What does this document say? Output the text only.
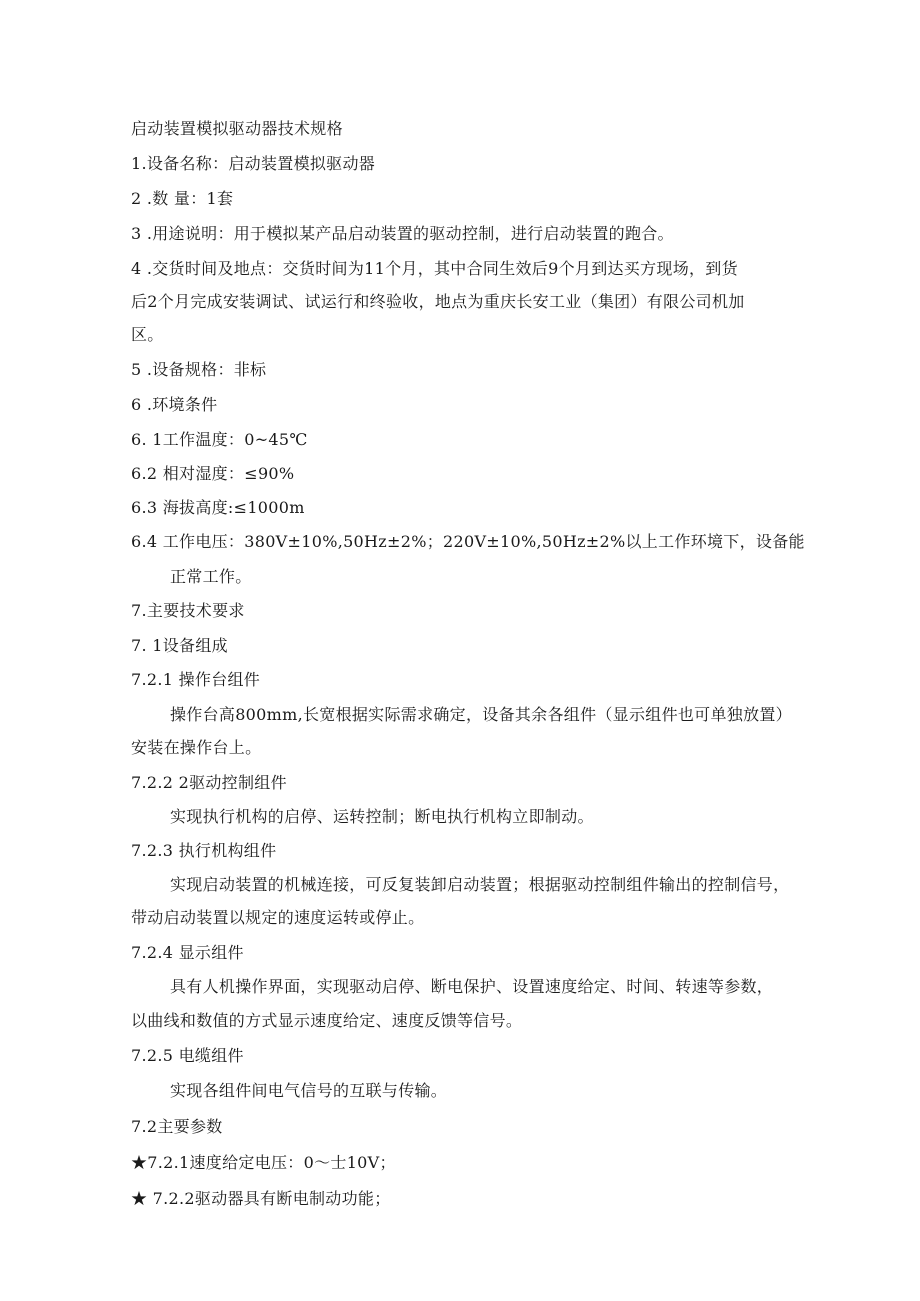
启动装置模拟驱动器技术规格
1.设备名称：启动装置模拟驱动器
2 .数 量：1套
3 .用途说明：用于模拟某产品启动装置的驱动控制，进行启动装置的跑合。
4 .交货时间及地点：交货时间为11个月，其中合同生效后9个月到达买方现场，到货
后2个月完成安装调试、试运行和终验收，地点为重庆长安工业（集团）有限公司机加
区。
5 .设备规格：非标
6 .环境条件
6. 1工作温度：0~45℃
6.2 相对湿度：≤90%
6.3 海拔高度:≤1000m
6.4 工作电压：380V±10%,50Hz±2%；220V±10%,50Hz±2%以上工作环境下，设备能
正常工作。
7.主要技术要求
7. 1设备组成
7.2.1 操作台组件
操作台高800mm,长宽根据实际需求确定，设备其余各组件（显示组件也可单独放置）
安装在操作台上。
7.2.2 2驱动控制组件
实现执行机构的启停、运转控制；断电执行机构立即制动。
7.2.3 执行机构组件
实现启动装置的机械连接，可反复装卸启动装置；根据驱动控制组件输出的控制信号，
带动启动装置以规定的速度运转或停止。
7.2.4 显示组件
具有人机操作界面，实现驱动启停、断电保护、设置速度给定、时间、转速等参数，
以曲线和数值的方式显示速度给定、速度反馈等信号。
7.2.5 电缆组件
实现各组件间电气信号的互联与传输。
7.2主要参数
★7.2.1速度给定电压：0～士10V；
★ 7.2.2驱动器具有断电制动功能；
